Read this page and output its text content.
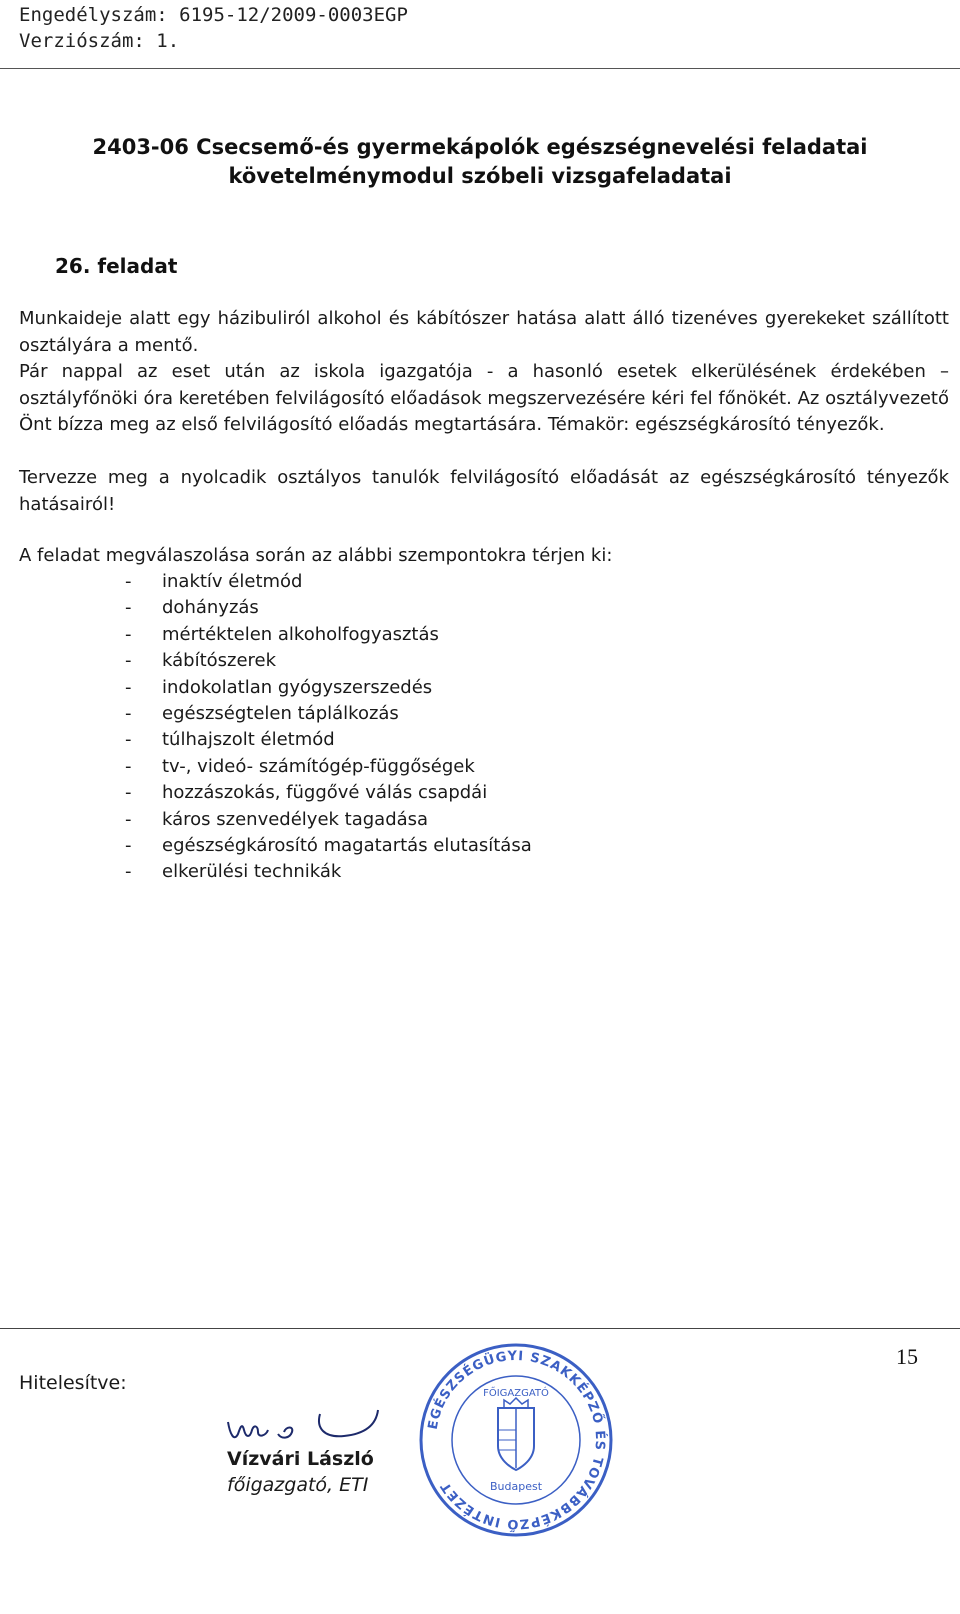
Engedélyszám: 6195-12/2009-0003EGP
Verziószám: 1.
2403-06 Csecsemő-és gyermekápolók egészségnevelési feladatai
követelménymodul szóbeli vizsgafeladatai
26. feladat

Munkaideje alatt egy házibuliról alkohol és kábítószer hatása alatt álló tizenéves gyerekeket szállított osztályára a mentő.

Pár nappal az eset után az iskola igazgatója - a hasonló esetek elkerülésének érdekében – osztályfőnöki óra keretében felvilágosító előadások megszervezésére kéri fel főnökét. Az osztályvezető Önt bízza meg az első felvilágosító előadás megtartására. Témakör: egészségkárosító tényezők.

Tervezze meg a nyolcadik osztályos tanulók felvilágosító előadását az egészségkárosító tényezők hatásairól!

A feladat megválaszolása során az alábbi szempontokra térjen ki:

- inaktív életmód
- dohányzás
- mértéktelen alkoholfogyasztás
- kábítószerek
- indokolatlan gyógyszerszedés
- egészségtelen táplálkozás
- túlhajszolt életmód
- tv-, videó- számítógép-függőségek
- hozzászokás, függővé válás csapdái
- káros szenvedélyek tagadása
- egészségkárosító magatartás elutasítása
- elkerülési technikák
15
Hitelesítve:
Vízvári László
főigazgató, ETI
EGÉSZSÉGÜGYI SZAKKÉPZŐ ÉS TOVÁBBKÉPZŐ INTÉZET
FŐIGAZGATÓ
Budapest
